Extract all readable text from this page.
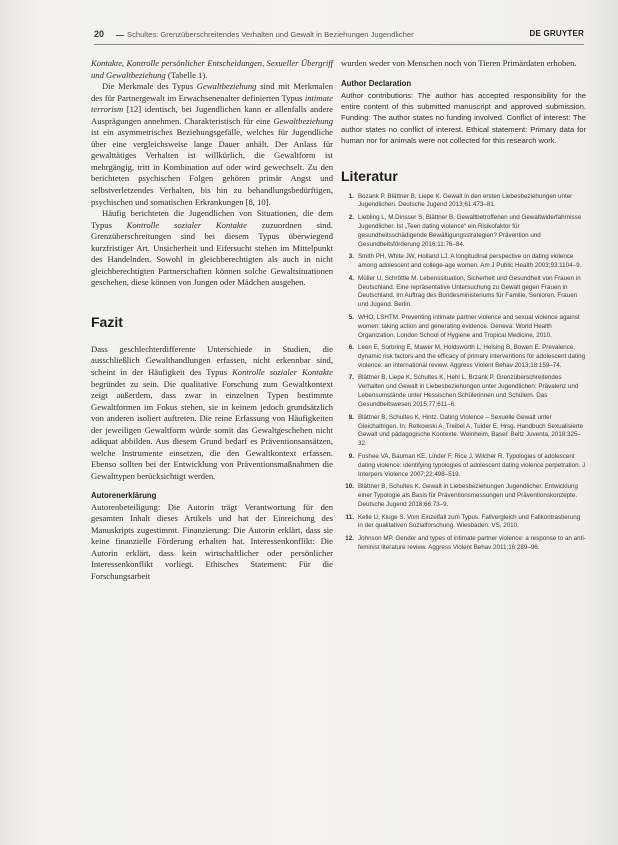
20	Schultes: Grenzüberschreitendes Verhalten und Gewalt in Beziehungen Jugendlicher	DE GRUYTER

Kontakte, Kontrolle persönlicher Entscheidungen, Sexueller Übergriff und Gewaltbeziehung (Tabelle 1).

Die Merkmale des Typus Gewaltbeziehung sind mit Merkmalen des für Partnergewalt im Erwachsenenalter definierten Typus intimate terrorism [12] identisch, bei Jugendlichen kann er allenfalls andere Ausprägungen annehmen. Charakteristisch für eine Gewaltbeziehung ist ein asymmetrisches Beziehungsgefälle, welches für Jugendliche über eine vergleichsweise lange Dauer anhält. Der Anlass für gewalttätiges Verhalten ist willkürlich, die Gewaltform ist mehrgängig, tritt in Kombination auf oder wird gewechselt. Zu den berichteten psychischen Folgen gehören primär Angst und selbstverletzendes Verhalten, bis hin zu behandlungsbedürftigen, psychischen und somatischen Erkrankungen [8, 10].

Häufig berichteten die Jugendlichen von Situationen, die dem Typus Kontrolle sozialer Kontakte zuzuordnen sind. Grenzüberschreitungen sind bei diesem Typus überwiegend kurzfristiger Art. Unsicherheit und Eifersucht stehen im Mittelpunkt des Handelnden. Sowohl in gleichberechtigten als auch in nicht gleichberechtigten Partnerschaften können solche Gewaltsituationen geschehen, diese können von Jungen oder Mädchen ausgehen.

Fazit

Dass geschlechterdifferente Unterschiede in Studien, die ausschließlich Gewalthandlungen erfassen, nicht erkennbar sind, scheint in der Häufigkeit des Typus Kontrolle sozialer Kontakte begründet zu sein. Die qualitative Forschung zum Gewaltkontext zeigt außerdem, dass zwar in einzelnen Typen bestimmte Gewaltformen im Fokus stehen, sie in keinem jedoch grundsätzlich von anderen isoliert auftreten. Die reine Erfassung von Häufigkeiten der jeweiligen Gewaltform würde somit das Gewaltgeschehen nicht adäquat abbilden. Aus diesem Grund bedarf es Präventionsansätzen, welche Instrumente einsetzen, die den Gewaltkontext erfassen. Ebenso sollten bei der Entwicklung von Präventionsmaßnahmen die Gewalttypen berücksichtigt werden.

Autorenerklärung

Autorenbeteiligung: Die Autorin trägt Verantwortung für den gesamten Inhalt dieses Artikels und hat der Einreichung des Manuskripts zugestimmt. Finanzierung: Die Autorin erklärt, dass sie keine finanzielle Förderung erhalten hat. Interessenkonflikt: Die Autorin erklärt, dass kein wirtschaftlicher oder persönlicher Interessenkonflikt vorliegt. Ethisches Statement: Für die Forschungsarbeit

wurden weder von Menschen noch von Tieren Primärdaten erhoben.

Author Declaration

Author contributions: The author has accepted responsibility for the entire content of this submitted manuscript and approved submission. Funding: The author states no funding involved. Conflict of interest: The author states no conflict of interest. Ethical statement: Primary data for human nor for animals were not collected for this research work.

Literatur
1. Bozank P, Blättner B, Liepe K. Gewalt in den ersten Liebesbeziehungen unter Jugendlichen. Deutsche Jugend 2013;61:473–81.
2. Liebling L, M.Dinsser S, Blättner B. Gewaltbetroffenen und Gewaltwiderfahrnisse Jugendlicher. Ist „Teen dating violence“ ein Risikofaktor für gesundheitsschädigende Bewältigungsstrategien? Prävention und Gesundheitsförderung 2016;11:76–84.
3. Smith PH, White JW, Holland LJ. A longitudinal perspective on dating violence among adolescent and college-age women. Am J Public Health 2003;93:1104–9.
4. Müller U, Schröttle M. Lebenssituation, Sicherheit und Gesundheit von Frauen in Deutschland. Eine repräsentative Untersuchung zu Gewalt gegen Frauen in Deutschland. Im Auftrag des Bundesministeriums für Familie, Senioren, Frauen und Jugend. Berlin.
5. WHO, LSHTM. Preventing intimate partner violence and sexual violence against women: taking action and generating evidence. Geneva: World Health Organization, London School of Hygiene and Tropical Medicine, 2010.
6. Leen E, Sorbring E, Mawer M, Holdsworth L, Helsing B, Bowen E. Prevalence, dynamic risk factors and the efficacy of primary interventions for adolescent dating violence: an international review. Aggress Violent Behav 2013;18:159–74.
7. Blättner B, Liepe K, Schultes K, Hehl L, Brzank P. Grenzüberschreitendes Verhalten und Gewalt in Liebesbeziehungen unter Jugendlichen: Prävalenz und Lebensumstände unter Hessischen Schülerinnen und Schülern. Das Gesundheitswesen 2015;77:611–6.
8. Blättner B, Schultes K, Hintz. Dating Violence – Sexuelle Gewalt unter Gleichaltrigen. In: Retkowski A, Treibel A, Tuider E, Hrsg. Handbuch Sexualisierte Gewalt und pädagogische Kontexte. Weinheim, Basel: Beltz Juventa, 2018:325–32.
9. Foshee VA, Bauman KE, Linder F, Rice J, Wilcher R. Typologies of adolescent dating violence: identifying typologies of adolescent dating violence perpetration. J Interpers Violence 2007;22:498–519.
10. Blättner B, Schultes K. Gewalt in Liebesbeziehungen Jugendlicher. Entwicklung einer Typologie als Basis für Präventionsmessungen und Präventionskonzepte. Deutsche Jugend 2018;66:73–9.
11. Kelle U, Kluge S. Vom Einzelfall zum Typus. Fallvergleich und Fallkontrastierung in der qualitativen Sozialforschung. Wiesbaden: VS, 2010.
12. Johnson MP. Gender and types of intimate partner violence: a response to an anti-feminist literature review. Aggress Violent Behav 2011;16:289–96.
